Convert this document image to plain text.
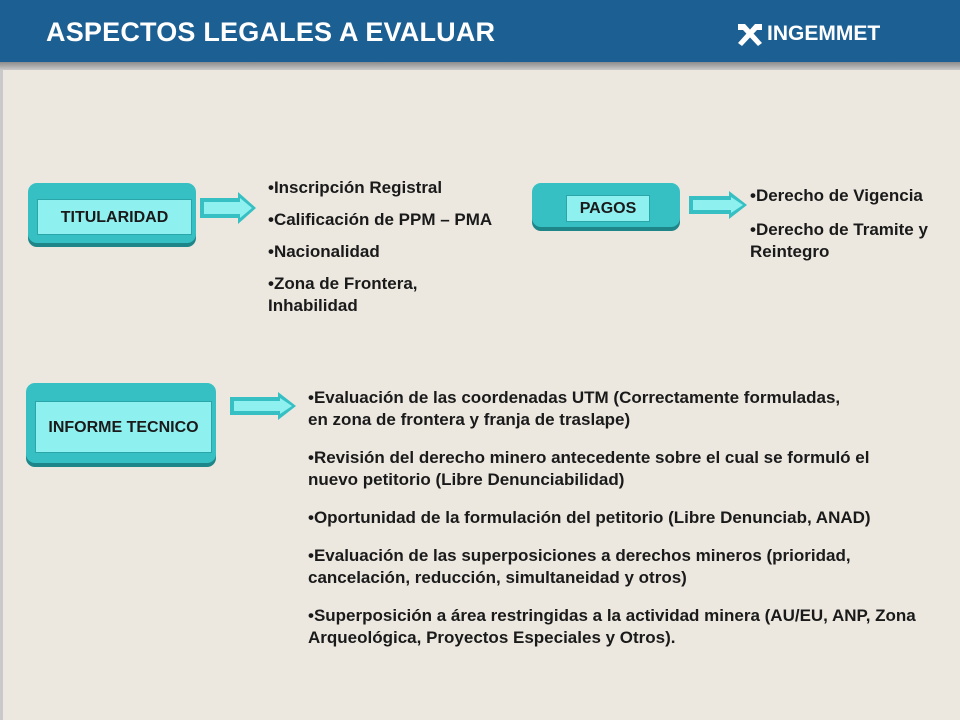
ASPECTOS LEGALES A EVALUAR	INGEMMET
TITULARIDAD

•Inscripción Registral

•Calificación de PPM – PMA

•Nacionalidad

•Zona de Frontera, Inhabilidad

PAGOS

•Derecho de Vigencia

•Derecho de Tramite y Reintegro

INFORME TECNICO

•Evaluación de las coordenadas UTM (Correctamente formuladas, en zona de frontera y franja de traslape)

•Revisión del derecho minero antecedente sobre el cual se formuló el nuevo petitorio (Libre Denunciabilidad)

•Oportunidad de la formulación del petitorio (Libre Denunciab, ANAD)

•Evaluación de las superposiciones a derechos mineros (prioridad, cancelación, reducción, simultaneidad y otros)

•Superposición a área restringidas a la actividad minera (AU/EU, ANP, Zona Arqueológica, Proyectos Especiales y Otros).
